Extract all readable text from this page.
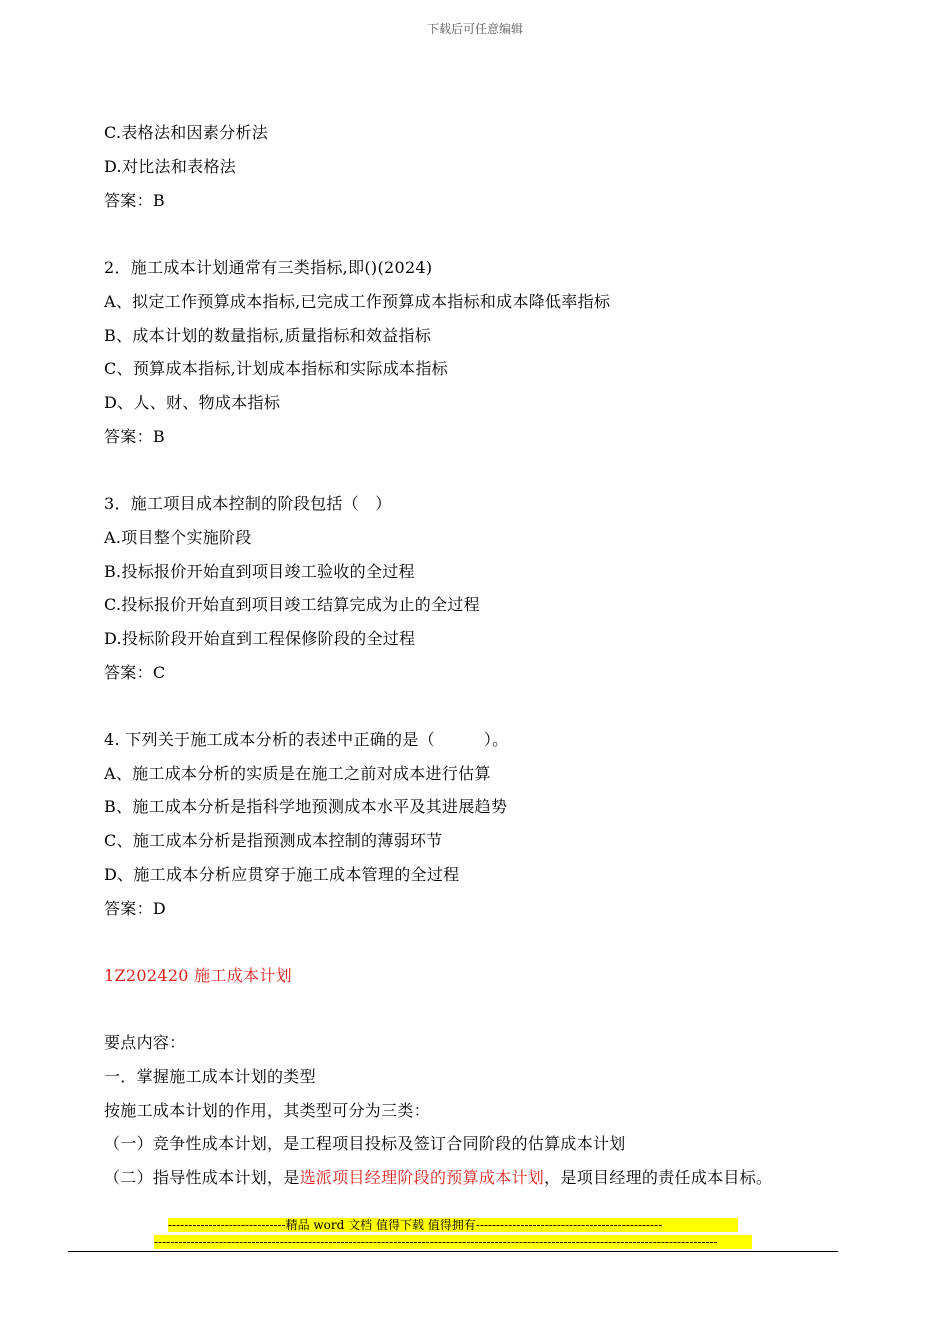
下载后可任意编辑
C.表格法和因素分析法
D.对比法和表格法
答案：B
2．施工成本计划通常有三类指标,即()(2024)
A、拟定工作预算成本指标,已完成工作预算成本指标和成本降低率指标
B、成本计划的数量指标,质量指标和效益指标
C、预算成本指标,计划成本指标和实际成本指标
D、人、财、物成本指标
答案：B
3．施工项目成本控制的阶段包括（　）
A.项目整个实施阶段
B.投标报价开始直到项目竣工验收的全过程
C.投标报价开始直到项目竣工结算完成为止的全过程
D.投标阶段开始直到工程保修阶段的全过程
答案：C
4. 下列关于施工成本分析的表述中正确的是（　　　）。
A、施工成本分析的实质是在施工之前对成本进行估算
B、施工成本分析是指科学地预测成本水平及其进展趋势
C、施工成本分析是指预测成本控制的薄弱环节
D、施工成本分析应贯穿于施工成本管理的全过程
答案：D
1Z202420 施工成本计划
要点内容：
一．掌握施工成本计划的类型
按施工成本计划的作用，其类型可分为三类：
（一）竞争性成本计划，是工程项目投标及签订合同阶段的估算成本计划
（二）指导性成本计划，是选派项目经理阶段的预算成本计划，是项目经理的责任成本目标。
-----------------------------精品 word 文档 值得下载 值得拥有----------------------------------------------
-------------------------------------------------------------------------------------------------------------------------------------------
